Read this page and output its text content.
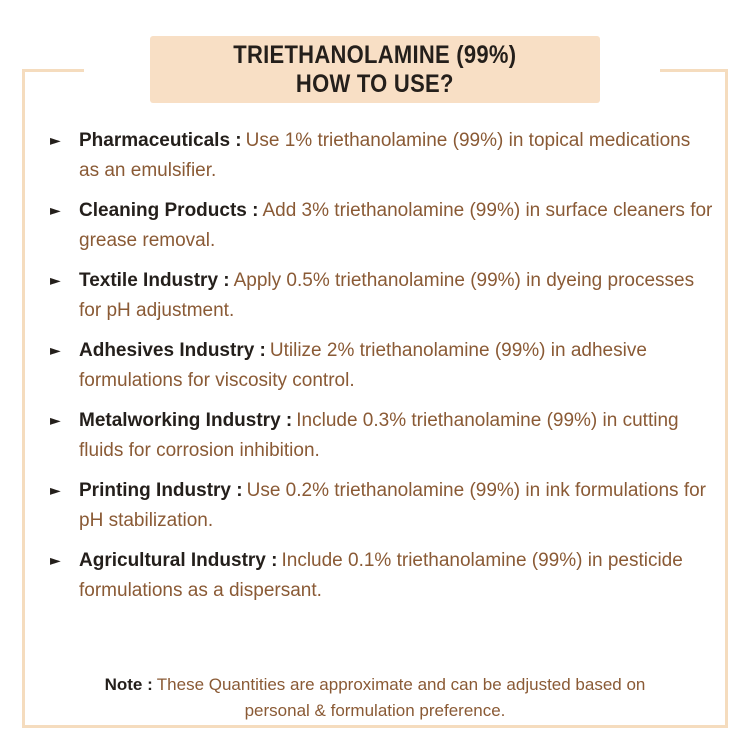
TRIETHANOLAMINE (99%)
HOW TO USE?
► Pharmaceuticals : Use 1% triethanolamine (99%) in topical medications as an emulsifier.

► Cleaning Products : Add 3% triethanolamine (99%) in surface cleaners for grease removal.

► Textile Industry : Apply 0.5% triethanolamine (99%) in dyeing processes for pH adjustment.

► Adhesives Industry : Utilize 2% triethanolamine (99%) in adhesive formulations for viscosity control.

► Metalworking Industry : Include 0.3% triethanolamine (99%) in cutting fluids for corrosion inhibition.

► Printing Industry : Use 0.2% triethanolamine (99%) in ink formulations for pH stabilization.

► Agricultural Industry : Include 0.1% triethanolamine (99%) in pesticide formulations as a dispersant.

Note : These Quantities are approximate and can be adjusted based on personal & formulation preference.
